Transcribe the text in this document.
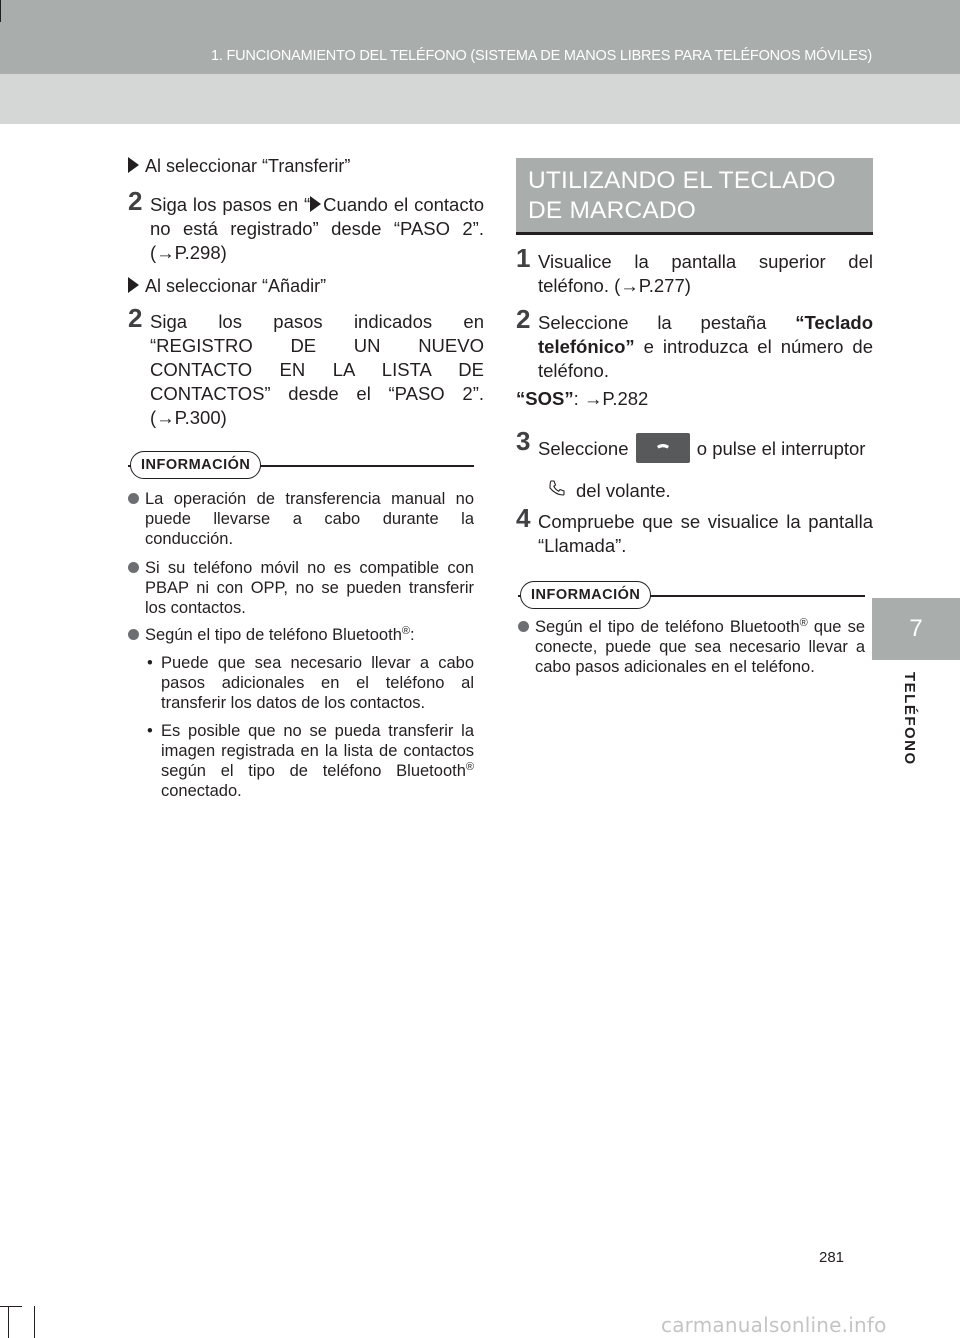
1. FUNCIONAMIENTO DEL TELÉFONO (SISTEMA DE MANOS LIBRES PARA TELÉFONOS MÓVILES)
7
TELÉFONO
Al seleccionar “Transferir”
2 Siga los pasos en “ Cuando el contacto no está registrado” desde “PASO 2”. (→P.298)
Al seleccionar “Añadir”
2 Siga los pasos indicados en “REGISTRO DE UN NUEVO CONTACTO EN LA LISTA DE CONTACTOS” desde el “PASO 2”. (→P.300)
INFORMACIÓN
La operación de transferencia manual no puede llevarse a cabo durante la conducción.
Si su teléfono móvil no es compatible con PBAP ni con OPP, no se pueden transferir los contactos.
Según el tipo de teléfono Bluetooth®:
• Puede que sea necesario llevar a cabo pasos adicionales en el teléfono al transferir los datos de los contactos.
• Es posible que no se pueda transferir la imagen registrada en la lista de contactos según el tipo de teléfono Bluetooth® conectado.
UTILIZANDO EL TECLADO DE MARCADO
1 Visualice la pantalla superior del teléfono. (→P.277)
2 Seleccione la pestaña “Teclado telefónico” e introduzca el número de teléfono.
“SOS”: →P.282
3 Seleccione	o pulse el interruptor
del volante.
4 Compruebe que se visualice la pantalla “Llamada”.
INFORMACIÓN
Según el tipo de teléfono Bluetooth® que se conecte, puede que sea necesario llevar a cabo pasos adicionales en el teléfono.
281
carmanualsonline.info
